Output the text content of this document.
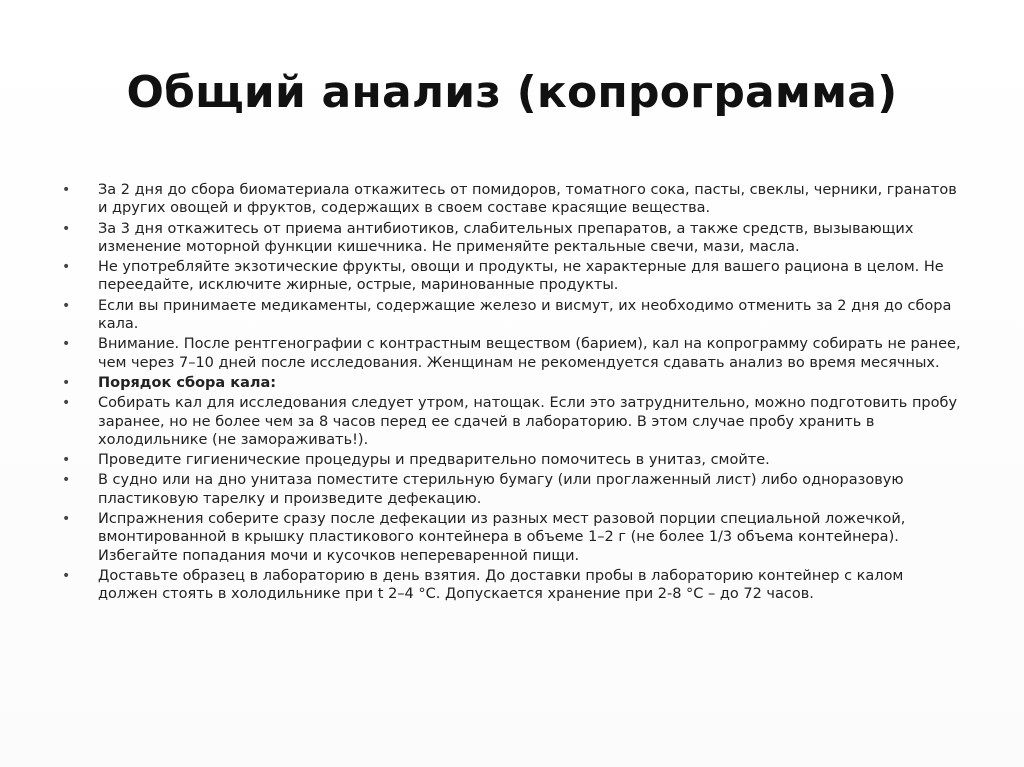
Общий анализ (копрограмма)
• За 2 дня до сбора биоматериала откажитесь от помидоров, томатного сока, пасты, свеклы, черники, гранатов и других овощей и фруктов, содержащих в своем составе красящие вещества.
• За 3 дня откажитесь от приема антибиотиков, слабительных препаратов, а также средств, вызывающих изменение моторной функции кишечника. Не применяйте ректальные свечи, мази, масла.
• Не употребляйте экзотические фрукты, овощи и продукты, не характерные для вашего рациона в целом. Не переедайте, исключите жирные, острые, маринованные продукты.
• Если вы принимаете медикаменты, содержащие железо и висмут, их необходимо отменить за 2 дня до сбора кала.
• Внимание. После рентгенографии с контрастным веществом (барием), кал на копрограмму собирать не ранее, чем через 7–10 дней после исследования. Женщинам не рекомендуется сдавать анализ во время месячных.
• Порядок сбора кала:
• Собирать кал для исследования следует утром, натощак. Если это затруднительно, можно подготовить пробу заранее, но не более чем за 8 часов перед ее сдачей в лабораторию. В этом случае пробу хранить в холодильнике (не замораживать!).
• Проведите гигиенические процедуры и предварительно помочитесь в унитаз, смойте.
• В судно или на дно унитаза поместите стерильную бумагу (или проглаженный лист) либо одноразовую пластиковую тарелку и произведите дефекацию.
• Испражнения соберите сразу после дефекации из разных мест разовой порции специальной ложечкой, вмонтированной в крышку пластикового контейнера в объеме 1–2 г (не более 1/3 объема контейнера). Избегайте попадания мочи и кусочков непереваренной пищи.
• Доставьте образец в лабораторию в день взятия. До доставки пробы в лабораторию контейнер с калом должен стоять в холодильнике при t 2–4 °С. Допускается хранение при 2-8 °С – до 72 часов.
